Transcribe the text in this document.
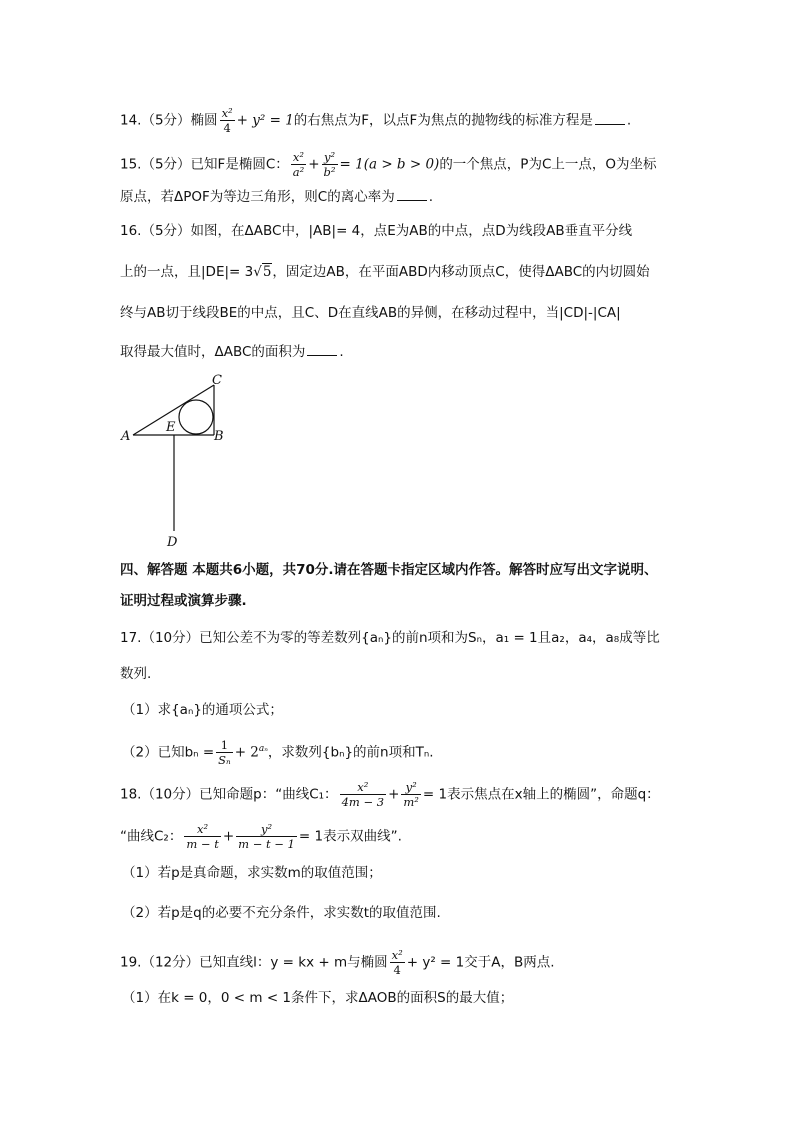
14.（5分）椭圆 $\frac{\text{x²}}{4} + y^2 = 1$的右焦点为F，以点F为焦点的抛物线的标准方程是	.
15.（5分）已知F是椭圆C： $\frac{\text{x²}}{\text{a²}} + \frac{\text{y²}}{\text{b²}} = 1(a > b > 0)$的一个焦点，P为C上一点，O为坐标
原点，若ΔPOF为等边三角形，则C的离心率为	.
16.（5分）如图，在ΔABC中，|AB|= 4，点E为AB的中点，点D为线段AB垂直平分线
上的一点，且|DE|= 3√5，固定边AB，在平面ABD内移动顶点C，使得ΔABC的内切圆始
终与AB切于线段BE的中点，且C、D在直线AB的异侧，在移动过程中，当|CD|-|CA|
取得最大值时，ΔABC的面积为	.
A	B
C
D
E
四、解答题 本题共6小题，共70分.请在答题卡指定区域内作答。解答时应写出文字说明、
证明过程或演算步骤.
17.（10分）已知公差不为零的等差数列{aₙ}的前n项和为Sₙ，a₁ = 1且a₂，a₄，a₈成等比
数列.
（1）求{aₙ}的通项公式；
（2）已知$b_n = \frac{1}{\text{Sₙ}} + 2^{a_n}$，求数列{bₙ}的前n项和Tₙ.
18.（10分）已知命题p：“曲线C₁： $\frac{\text{x²}}{4m - 3} + \frac{\text{y²}}{\text{m²}} = 1$表示焦点在x轴上的椭圆”，命题q：
“曲线C₂： $\frac{\text{x²}}{m - t} + \frac{\text{y²}}{m - t - 1} = 1$表示双曲线”.
（1）若p是真命题，求实数m的取值范围；
（2）若p是q的必要不充分条件，求实数t的取值范围.
19.（12分）已知直线l：y = kx + m与椭圆 $\frac{\text{x²}}{4} + y^2 = 1$交于A，B两点.
（1）在k = 0，0 < m < 1条件下，求ΔAOB的面积S的最大值；
